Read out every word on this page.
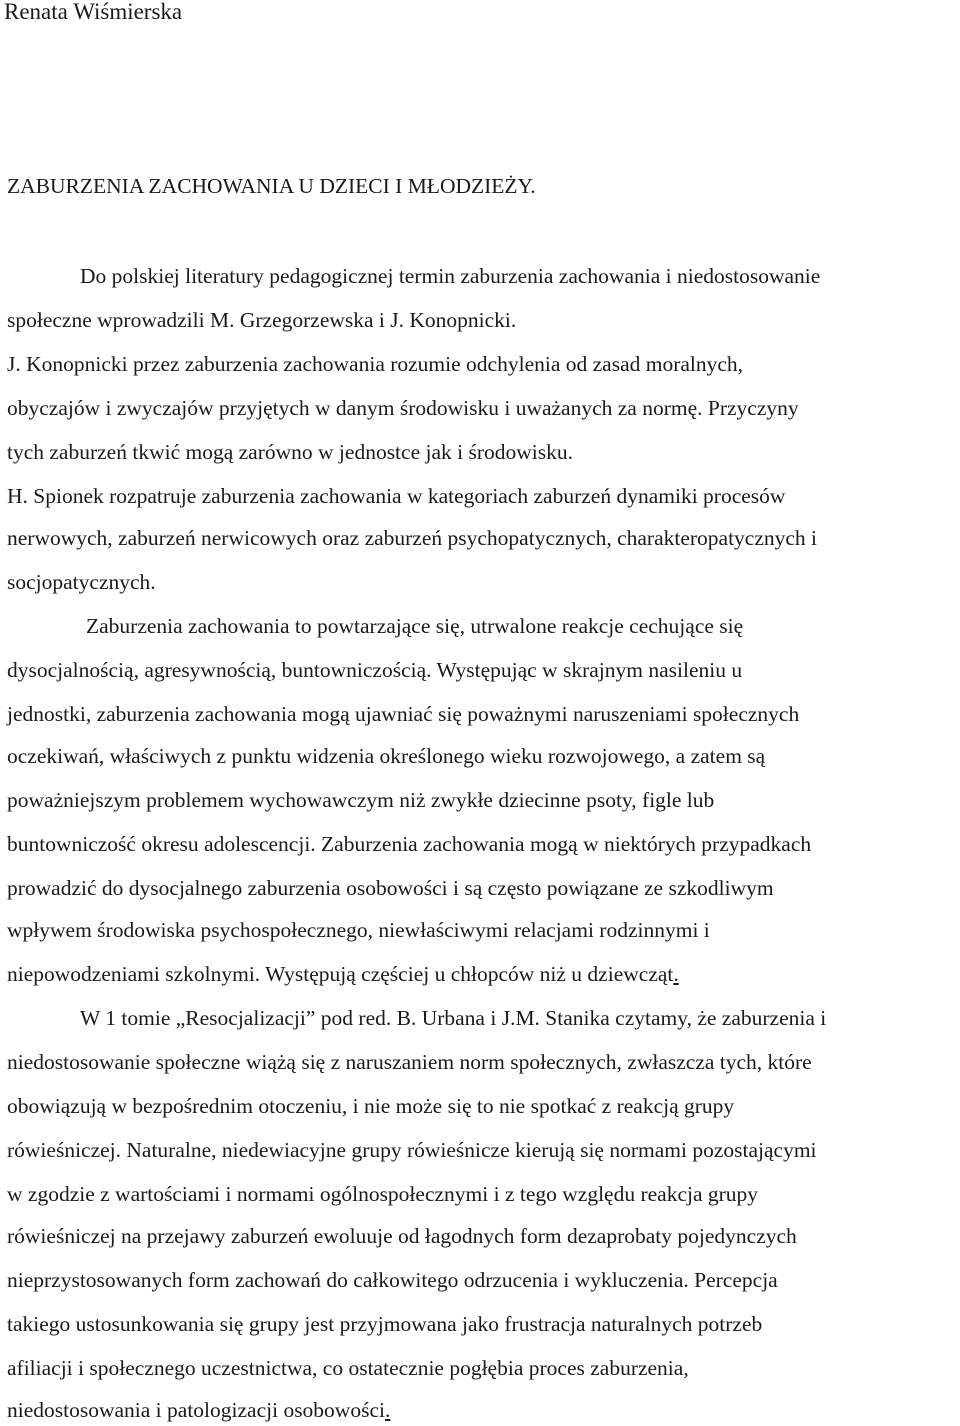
Renata Wiśmierska
ZABURZENIA ZACHOWANIA U DZIECI I MŁODZIEŻY.
Do polskiej literatury pedagogicznej termin zaburzenia zachowania i niedostosowanie
społeczne wprowadzili M. Grzegorzewska i J. Konopnicki.
J. Konopnicki przez zaburzenia zachowania rozumie odchylenia od zasad moralnych,
obyczajów i zwyczajów przyjętych w danym środowisku i uważanych za normę. Przyczyny
tych zaburzeń tkwić mogą zarówno w jednostce jak i środowisku.
H. Spionek rozpatruje zaburzenia zachowania w kategoriach zaburzeń dynamiki procesów
nerwowych, zaburzeń nerwicowych oraz zaburzeń psychopatycznych, charakteropatycznych i
socjopatycznych.
Zaburzenia zachowania to powtarzające się, utrwalone reakcje cechujące się
dysocjalnością, agresywnością, buntowniczością. Występując w skrajnym nasileniu u
jednostki, zaburzenia zachowania mogą ujawniać się poważnymi naruszeniami społecznych
oczekiwań, właściwych z punktu widzenia określonego wieku rozwojowego, a zatem są
poważniejszym problemem wychowawczym niż zwykłe dziecinne psoty, figle lub
buntowniczość okresu adolescencji. Zaburzenia zachowania mogą w niektórych przypadkach
prowadzić do dysocjalnego zaburzenia osobowości i są często powiązane ze szkodliwym
wpływem środowiska psychospołecznego, niewłaściwymi relacjami rodzinnymi i
niepowodzeniami szkolnymi. Występują częściej u chłopców niż u dziewcząt.
W 1 tomie „Resocjalizacji” pod red. B. Urbana i J.M. Stanika czytamy, że zaburzenia i
niedostosowanie społeczne wiążą się z naruszaniem norm społecznych, zwłaszcza tych, które
obowiązują w bezpośrednim otoczeniu, i nie może się to nie spotkać z reakcją grupy
rówieśniczej. Naturalne, niedewiacyjne grupy rówieśnicze kierują się normami pozostającymi
w zgodzie z wartościami i normami ogólnospołecznymi i z tego względu reakcja grupy
rówieśniczej na przejawy zaburzeń ewoluuje od łagodnych form dezaprobaty pojedynczych
nieprzystosowanych form zachowań do całkowitego odrzucenia i wykluczenia. Percepcja
takiego ustosunkowania się grupy jest przyjmowana jako frustracja naturalnych potrzeb
afiliacji i społecznego uczestnictwa, co ostatecznie pogłębia proces zaburzenia,
niedostosowania i patologizacji osobowości.
